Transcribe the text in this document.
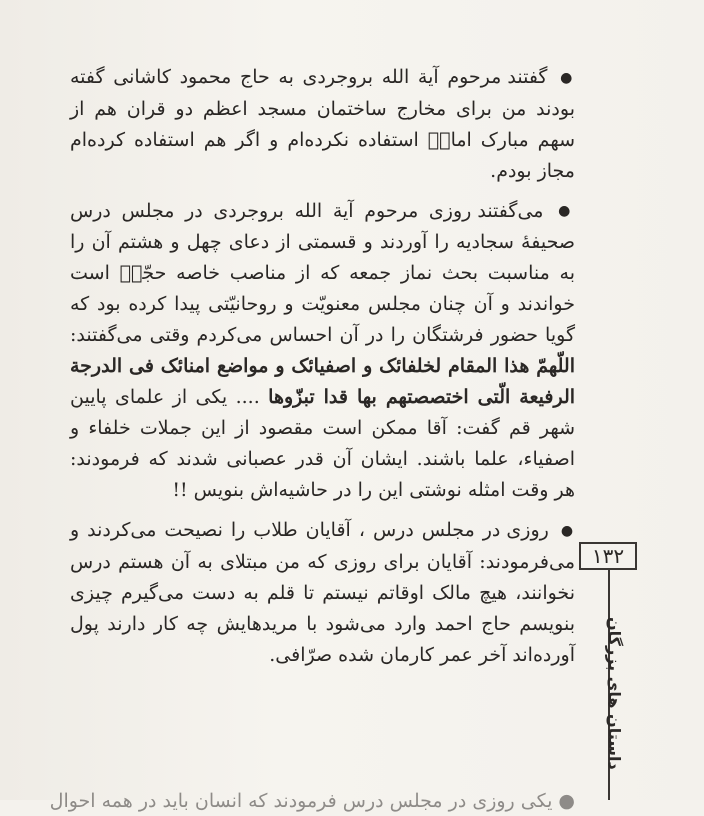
● گفتند مرحوم آیة الله بروجردی به حاج محمود کاشانی گفته بودند من برای مخارج ساختمان مسجد اعظم دو قران هم از سهم مبارک امامؑ استفاده نکرده‌ام و اگر هم استفاده کرده‌ام مجاز بودم.

● می‌گفتند روزی مرحوم آیة الله بروجردی در مجلس درس صحیفهٔ سجادیه را آوردند و قسمتی از دعای چهل و هشتم آن را به مناسبت بحث نماز جمعه که از مناصب خاصه حجّتؑ است خواندند و آن چنان مجلس معنویّت و روحانیّتی پیدا کرده بود که گویا حضور فرشتگان را در آن احساس می‌کردم وقتی می‌گفتند: اللّهمّ هذا المقام لخلفائک و اصفیائک و مواضع امنائک فی الدرجة الرفیعة الّتی اختصصتهم بها قدا تبزّوها .... یکی از علمای پایین شهر قم گفت: آقا ممکن است مقصود از این جملات خلفاء و اصفیاء، علما باشند. ایشان آن قدر عصبانی شدند که فرمودند: هر وقت امثله نوشتی این را در حاشیه‌اش بنویس !!

● روزی در مجلس درس ، آقایان طلاب را نصیحت می‌کردند و می‌فرمودند: آقایان برای روزی که من مبتلای به آن هستم درس نخوانند، هیچ مالک اوقاتم نیستم تا قلم به دست می‌گیرم چیزی بنویسم حاج احمد وارد می‌شود با مریدهایش چه کار دارند پول آورده‌اند آخر عمر کارمان شده صرّافی.

● یکی روزی در مجلس درس فرمودند که انسان باید در همه احوال
١٣٢
داستان های بزرگان
